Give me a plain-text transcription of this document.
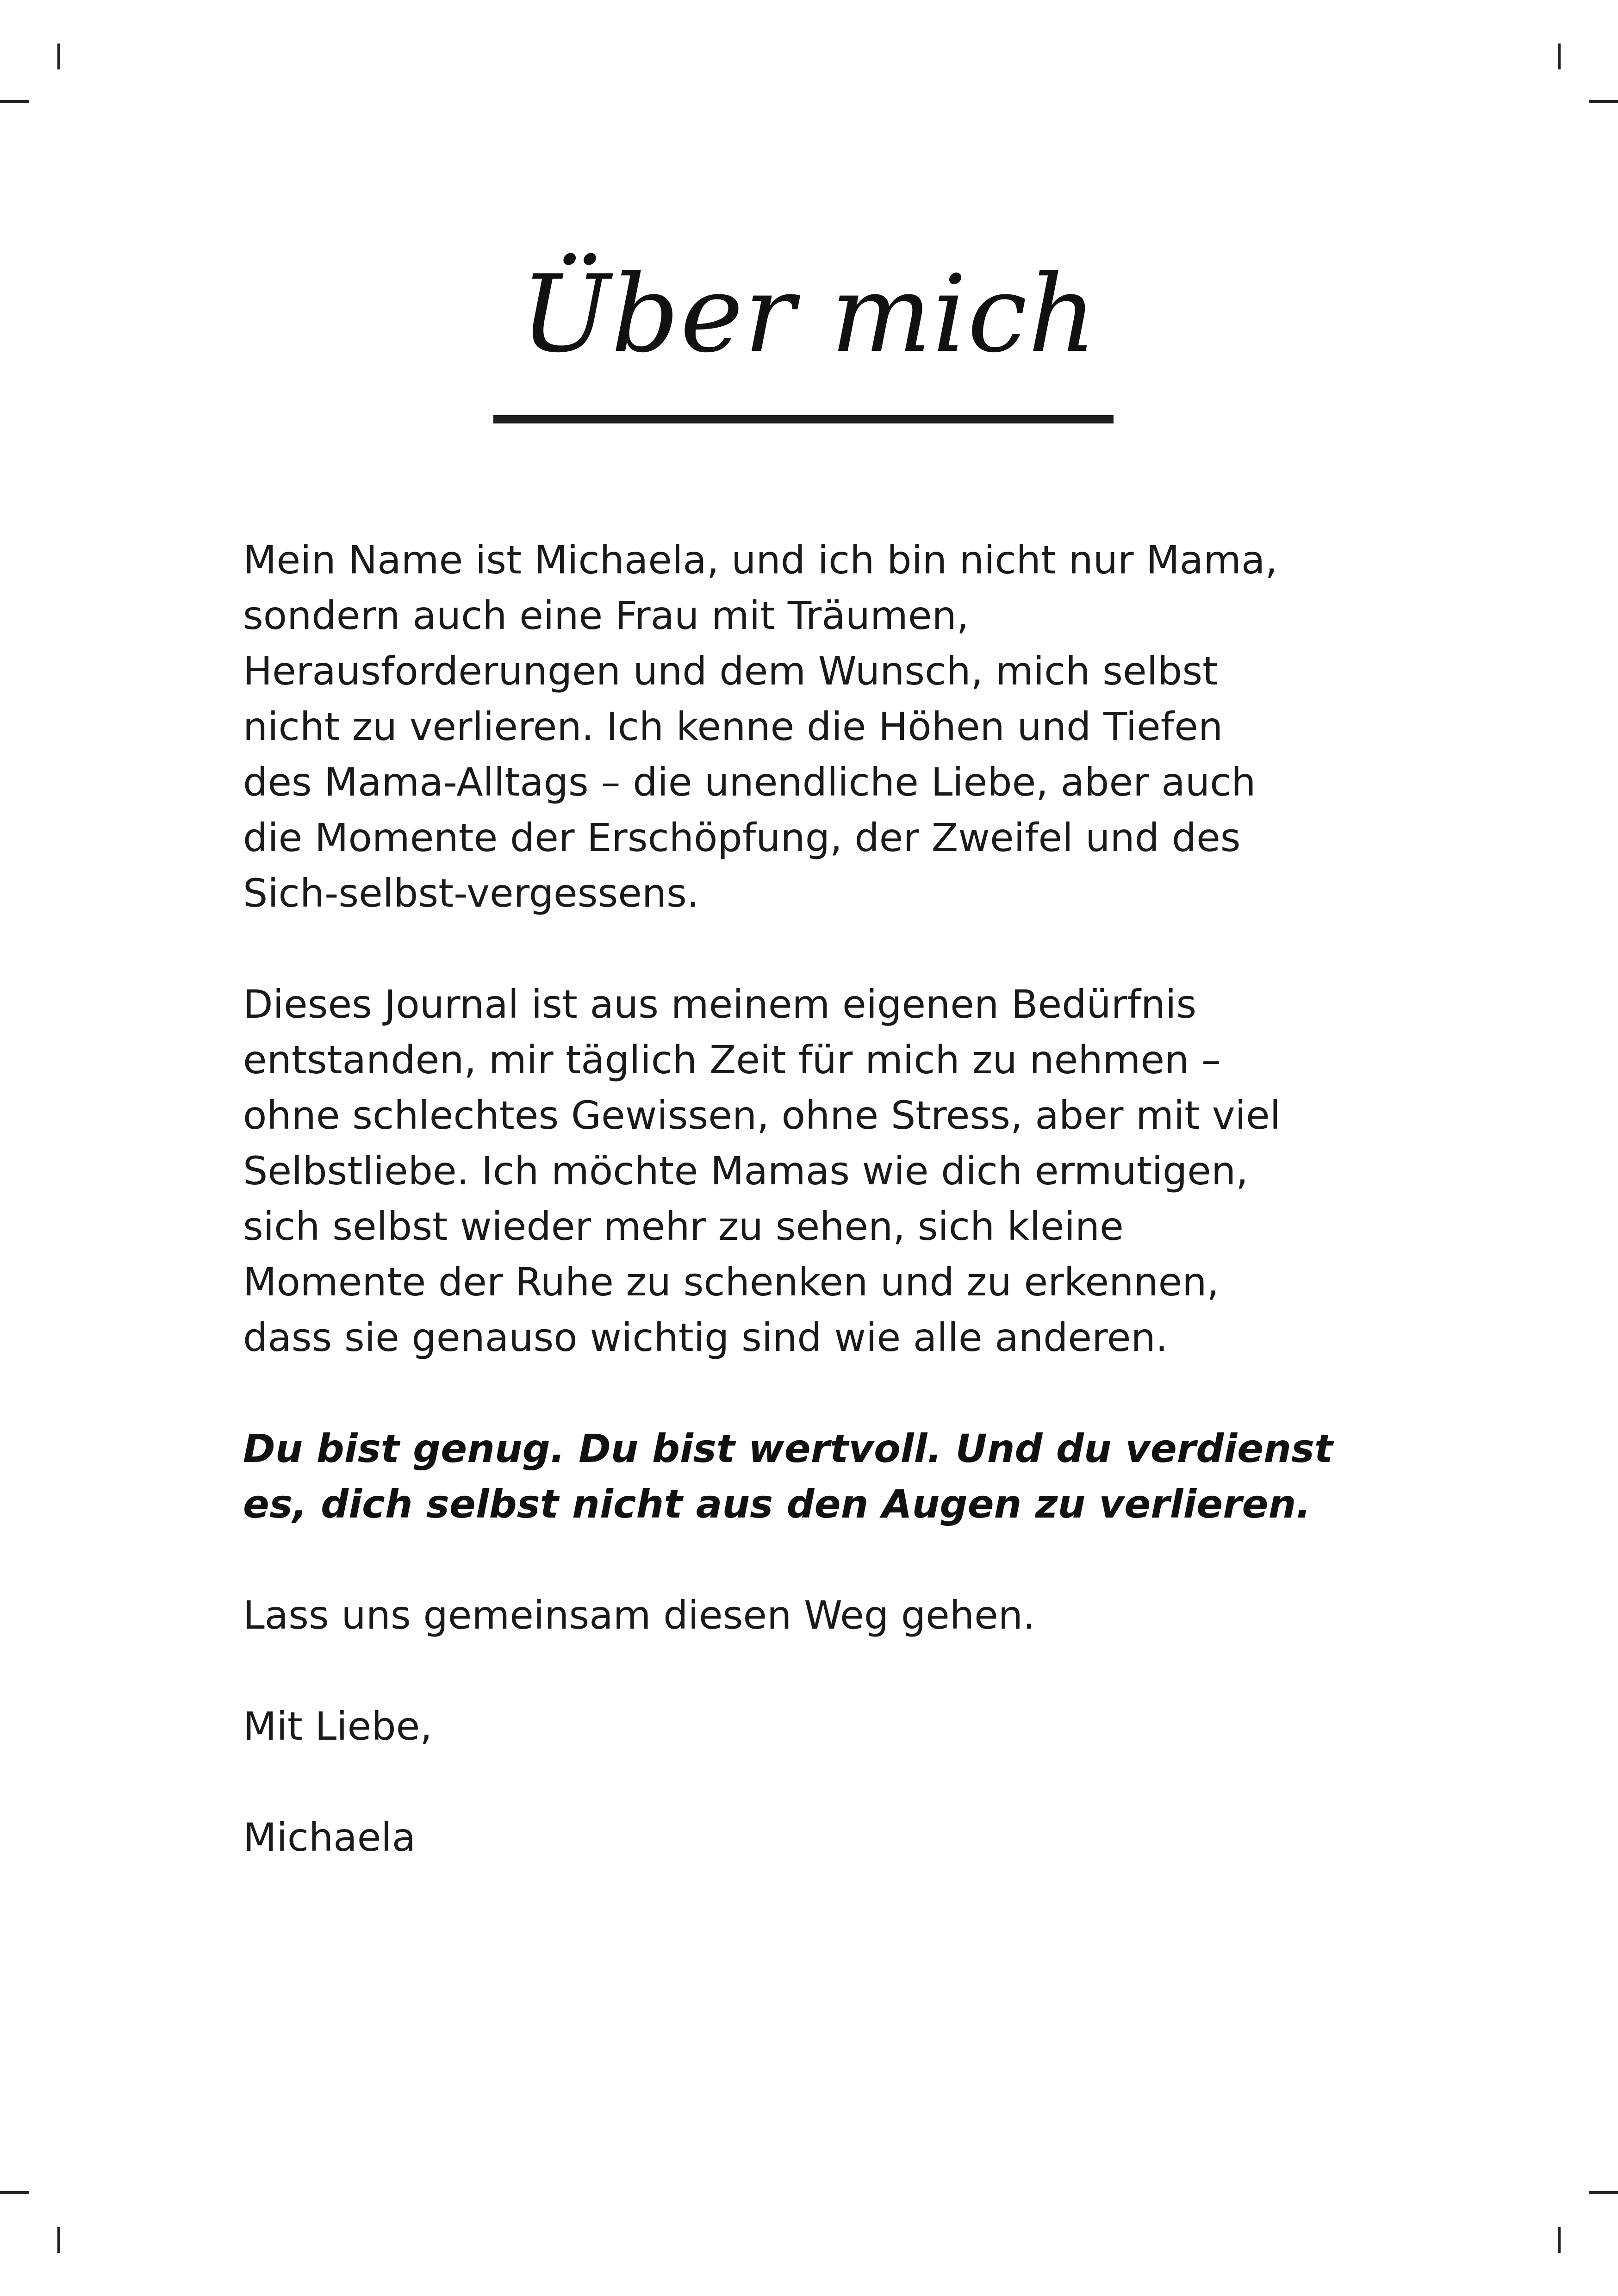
Über mich

Mein Name ist Michaela, und ich bin nicht nur Mama,
sondern auch eine Frau mit Träumen,
Herausforderungen und dem Wunsch, mich selbst
nicht zu verlieren. Ich kenne die Höhen und Tiefen
des Mama-Alltags – die unendliche Liebe, aber auch
die Momente der Erschöpfung, der Zweifel und des
Sich-selbst-vergessens.

Dieses Journal ist aus meinem eigenen Bedürfnis
entstanden, mir täglich Zeit für mich zu nehmen –
ohne schlechtes Gewissen, ohne Stress, aber mit viel
Selbstliebe. Ich möchte Mamas wie dich ermutigen,
sich selbst wieder mehr zu sehen, sich kleine
Momente der Ruhe zu schenken und zu erkennen,
dass sie genauso wichtig sind wie alle anderen.

Du bist genug. Du bist wertvoll. Und du verdienst
es, dich selbst nicht aus den Augen zu verlieren.

Lass uns gemeinsam diesen Weg gehen.

Mit Liebe,

Michaela
